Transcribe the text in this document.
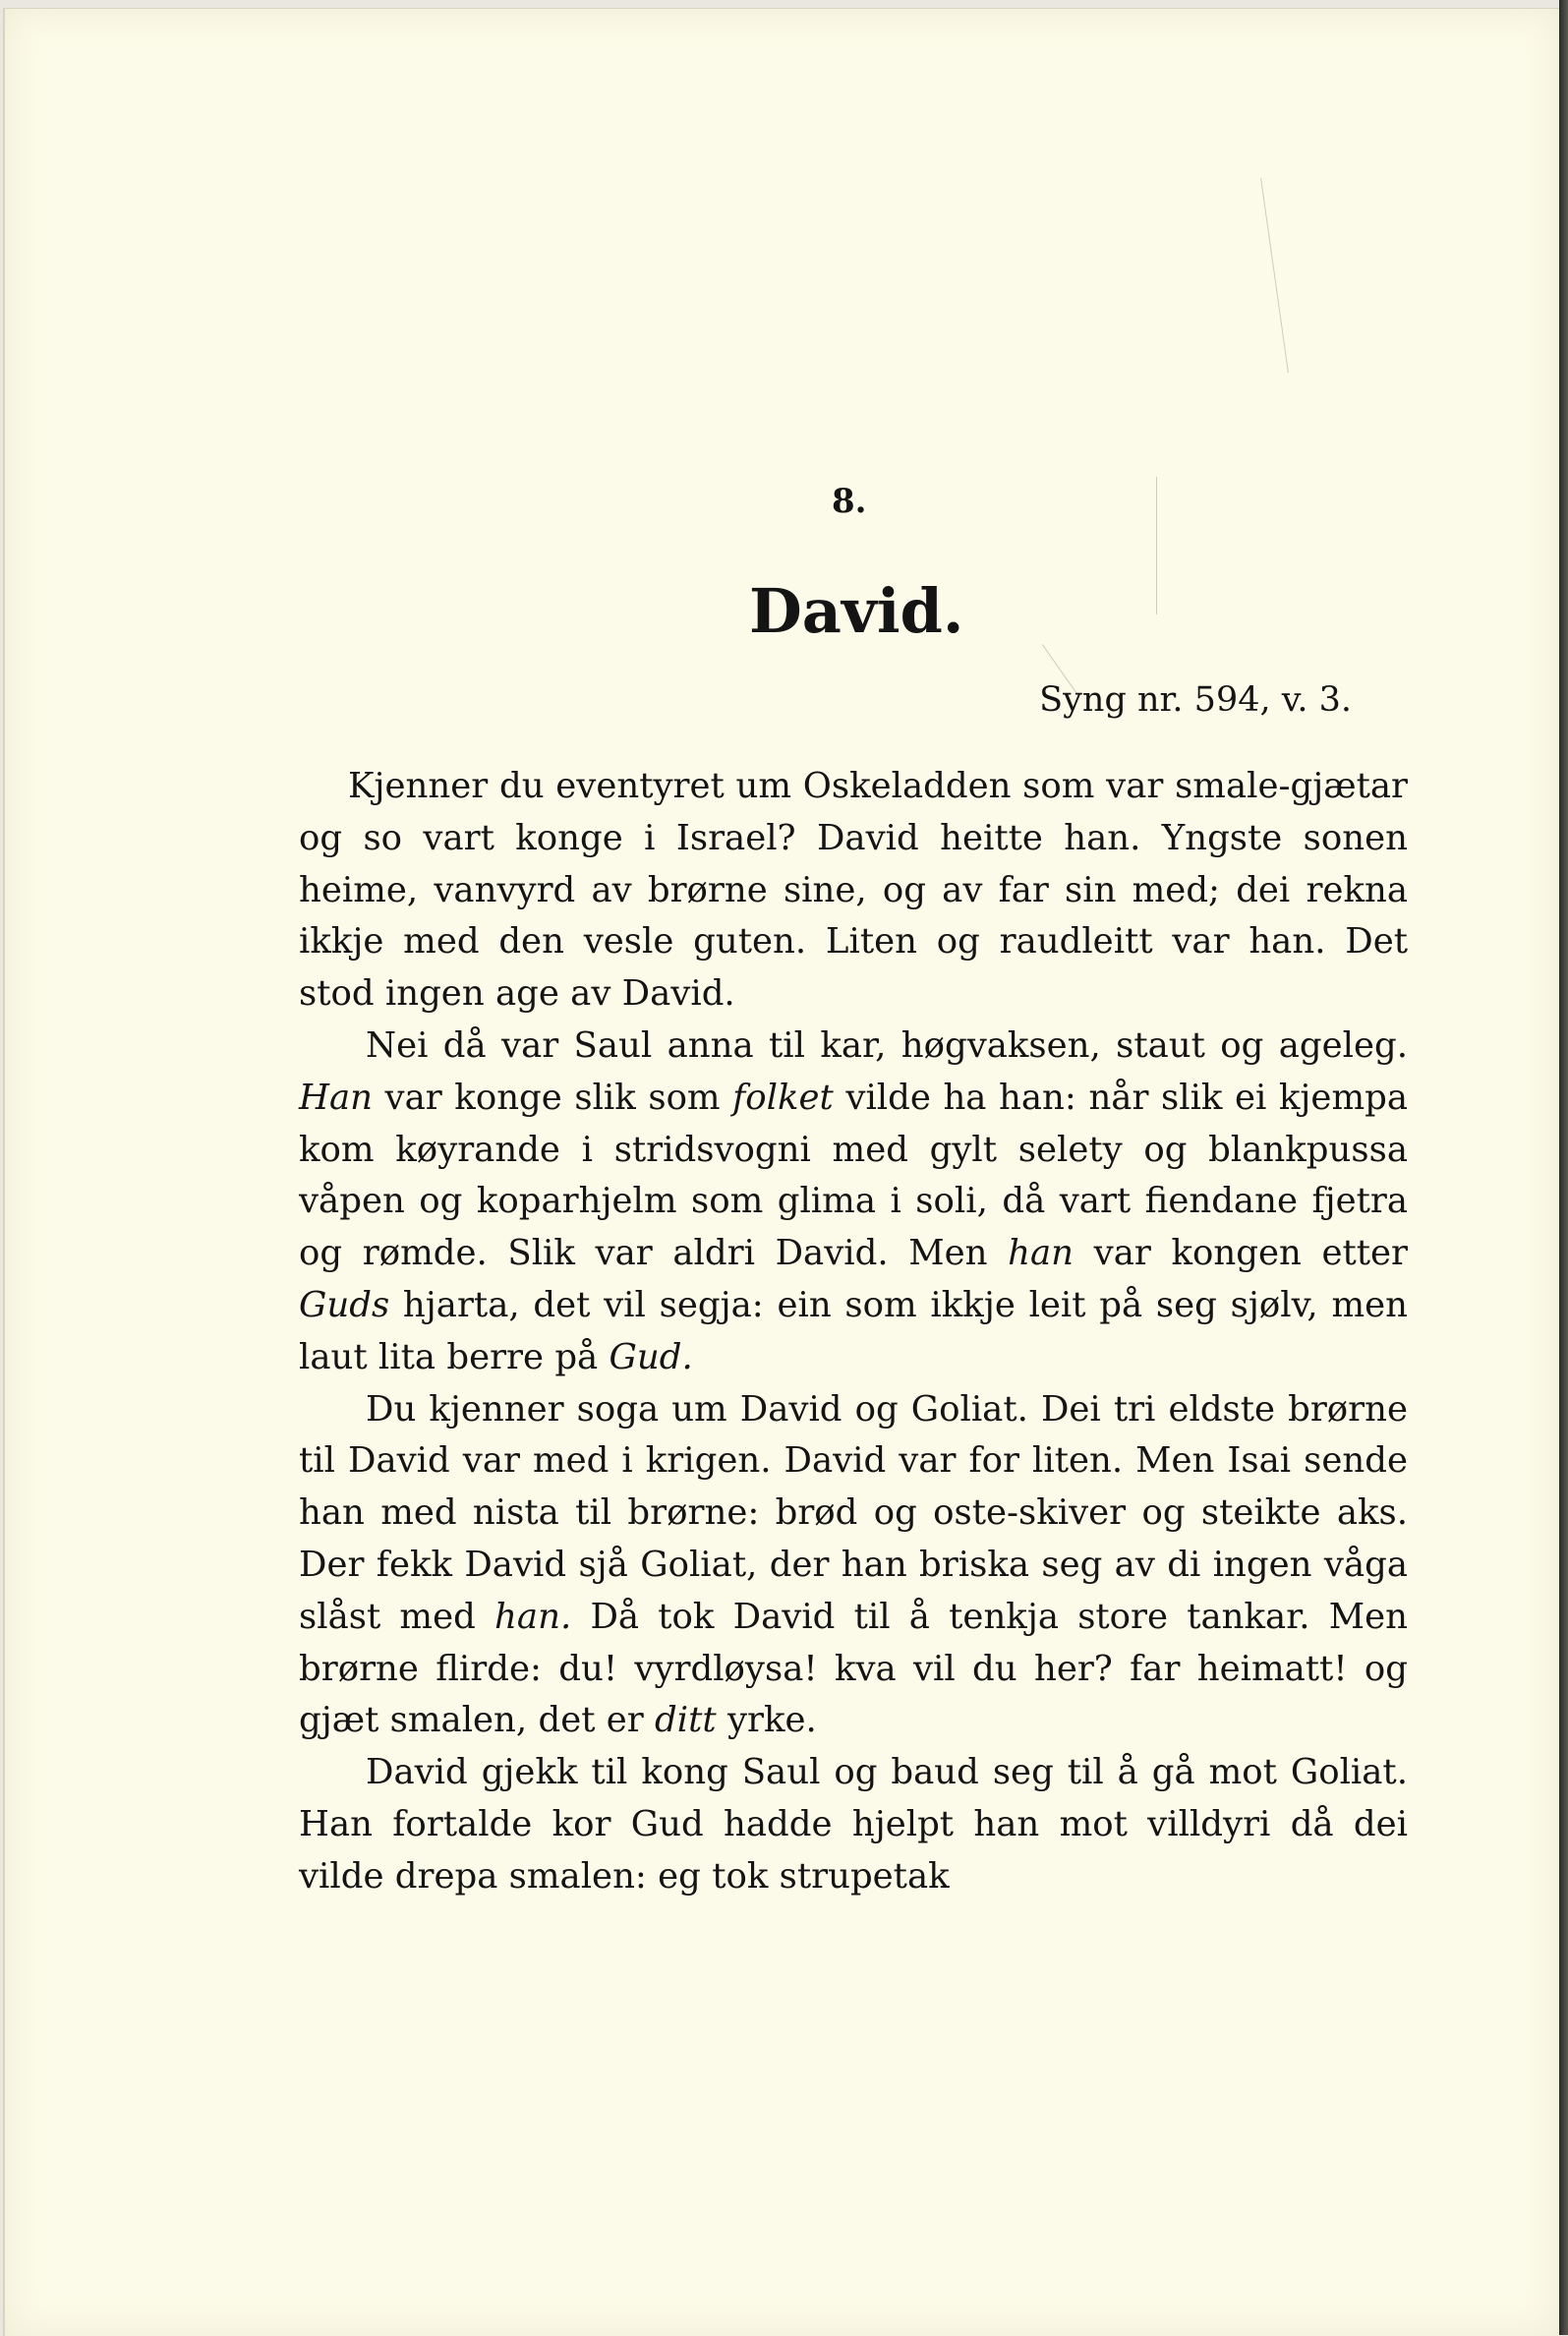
8.
David.
Syng nr. 594, v. 3.

Kjenner du eventyret um Oskeladden som var smale-gjætar og so vart konge i Israel? David heitte han. Yngste sonen heime, vanvyrd av brørne sine, og av far sin med; dei rekna ikkje med den vesle guten. Liten og raudleitt var han. Det stod ingen age av David.

Nei då var Saul anna til kar, høgvaksen, staut og ageleg. Han var konge slik som folket vilde ha han: når slik ei kjempa kom køyrande i stridsvogni med gylt selety og blankpussa våpen og koparhjelm som glima i soli, då vart fiendane fjetra og rømde. Slik var aldri David. Men han var kongen etter Guds hjarta, det vil segja: ein som ikkje leit på seg sjølv, men laut lita berre på Gud.

Du kjenner soga um David og Goliat. Dei tri eldste brørne til David var med i krigen. David var for liten. Men Isai sende han med nista til brørne: brød og oste-skiver og steikte aks. Der fekk David sjå Goliat, der han briska seg av di ingen våga slåst med han. Då tok David til å tenkja store tankar. Men brørne flirde: du! vyrdløysa! kva vil du her? far heimatt! og gjæt smalen, det er ditt yrke.

David gjekk til kong Saul og baud seg til å gå mot Goliat. Han fortalde kor Gud hadde hjelpt han mot villdyri då dei vilde drepa smalen: eg tok strupetak
